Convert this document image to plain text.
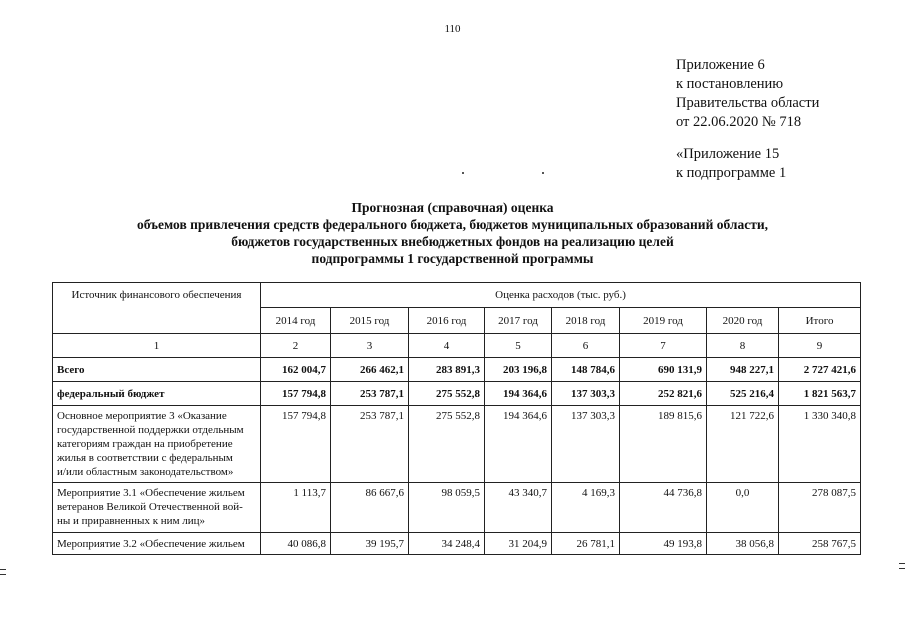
110
Приложение 6
к постановлению
Правительства области
от 22.06.2020 № 718
«Приложение 15
к подпрограмме 1
Прогнозная (справочная) оценка
объемов привлечения средств федерального бюджета, бюджетов муниципальных образований области,
бюджетов государственных внебюджетных фондов на реализацию целей
подпрограммы 1 государственной программы
Источник финансового обеспечения	Оценка расходов (тыс. руб.)							
	2014 год	2015 год	2016 год	2017 год	2018 год	2019 год	2020 год	Итого
1	2	3	4	5	6	7	8	9
Всего	162 004,7	266 462,1	283 891,3	203 196,8	148 784,6	690 131,9	948 227,1	2 727 421,6
федеральный бюджет	157 794,8	253 787,1	275 552,8	194 364,6	137 303,3	252 821,6	525 216,4	1 821 563,7

Основное мероприятие 3 «Оказание
государственной поддержки отдельным
категориям граждан на приобретение
жилья в соответствии с федеральным
и/или областным законодательством»	157 794,8	253 787,1	275 552,8	194 364,6	137 303,3	189 815,6	121 722,6	1 330 340,8

Мероприятие 3.1 «Обеспечение жильем
ветеранов Великой Отечественной вой-
ны и приравненных к ним лиц»	1 113,7	86 667,6	98 059,5	43 340,7	4 169,3	44 736,8	0,0	278 087,5

Мероприятие 3.2 «Обеспечение жильем	40 086,8	39 195,7	34 248,4	31 204,9	26 781,1	49 193,8	38 056,8	258 767,5
